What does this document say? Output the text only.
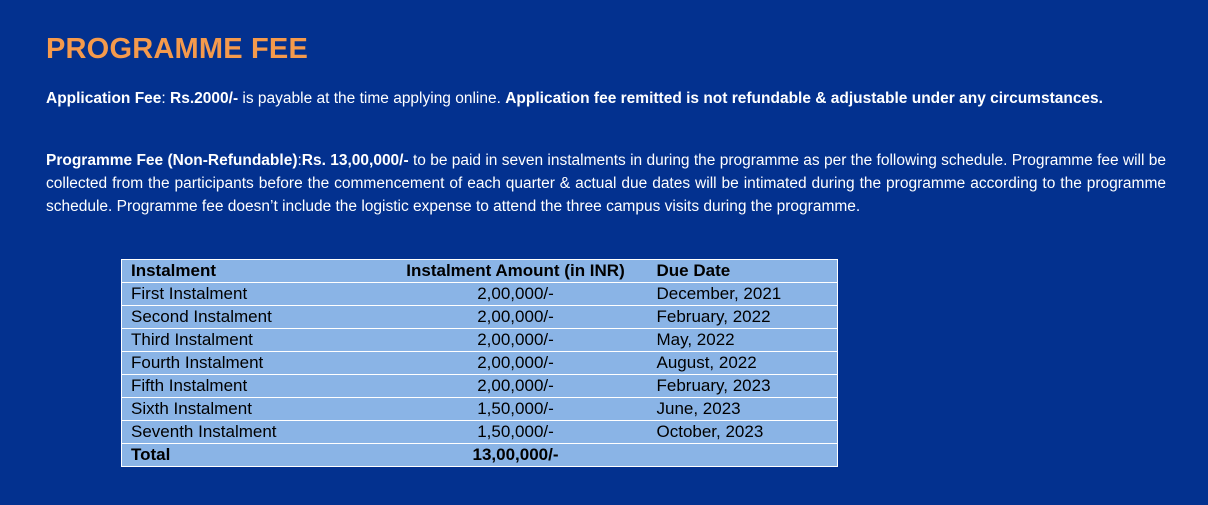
PROGRAMME FEE

Application Fee: Rs.2000/- is payable at the time applying online. Application fee remitted is not refundable & adjustable under any circumstances.

Programme Fee (Non-Refundable):Rs. 13,00,000/- to be paid in seven instalments in during the programme as per the following schedule. Programme fee will be collected from the participants before the commencement of each quarter & actual due dates will be intimated during the programme according to the programme schedule. Programme fee doesn’t include the logistic expense to attend the three campus visits during the programme.

Instalment	Instalment Amount (in INR)	Due Date
First Instalment	2,00,000/-	December, 2021
Second Instalment	2,00,000/-	February, 2022
Third Instalment	2,00,000/-	May, 2022
Fourth Instalment	2,00,000/-	August, 2022
Fifth Instalment	2,00,000/-	February, 2023
Sixth Instalment	1,50,000/-	June, 2023
Seventh Instalment	1,50,000/-	October, 2023
Total	13,00,000/-	
